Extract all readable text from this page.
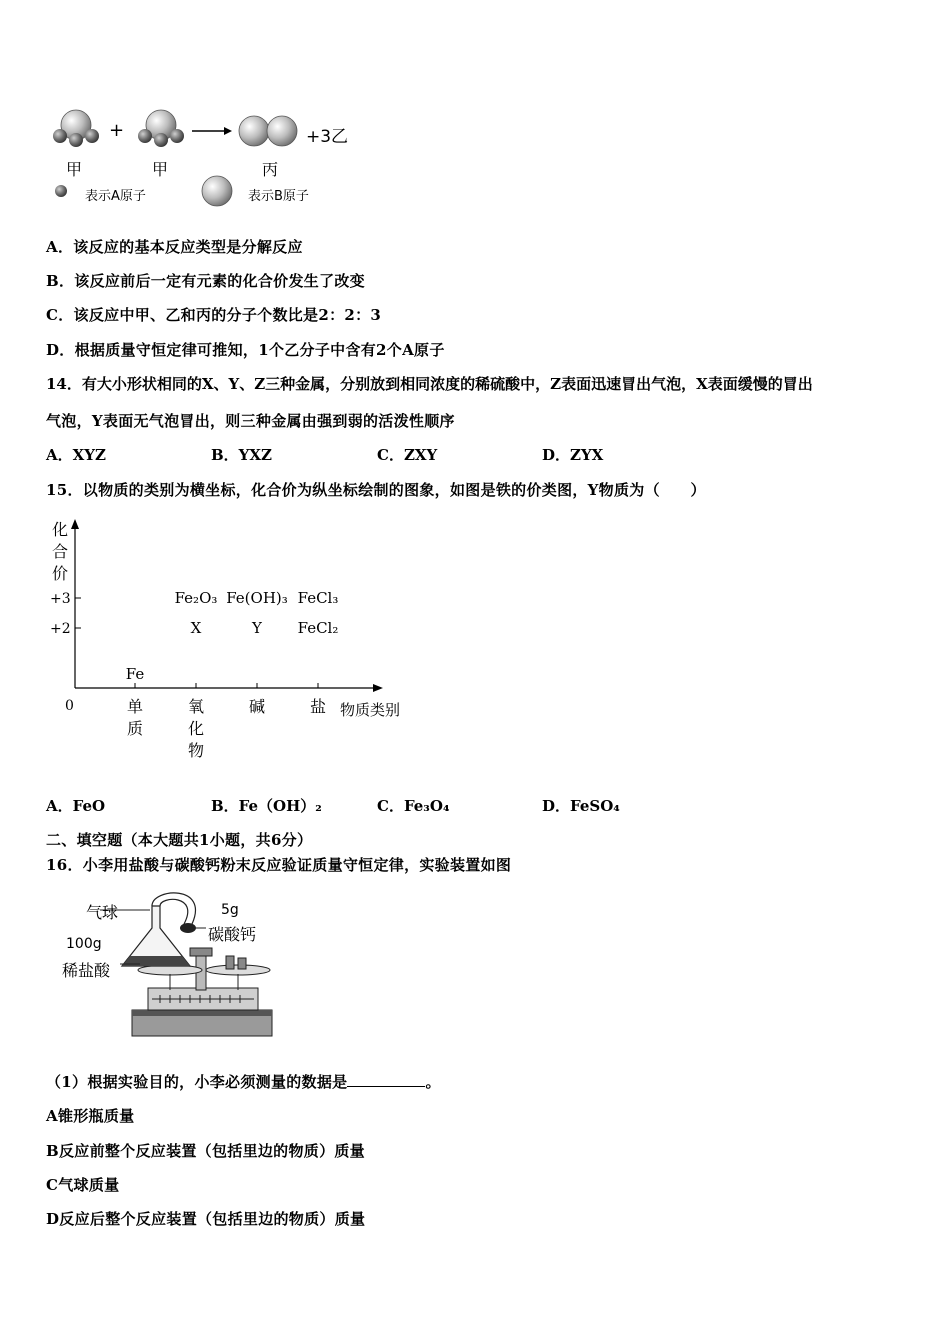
+	+3乙
甲	甲	丙
表示A原子	表示B原子
A．该反应的基本反应类型是分解反应
B．该反应前后一定有元素的化合价发生了改变
C．该反应中甲、乙和丙的分子个数比是2：2：3
D．根据质量守恒定律可推知，1个乙分子中含有2个A原子
14．有大小形状相同的X、Y、Z三种金属，分别放到相同浓度的稀硫酸中，Z表面迅速冒出气泡，X表面缓慢的冒出
气泡，Y表面无气泡冒出，则三种金属由强到弱的活泼性顺序
A．XYZ	B．YXZ	C．ZXY	D．ZYX
15．以物质的类别为横坐标，化合价为纵坐标绘制的图象，如图是铁的价类图，Y物质为（　　）
化
合
价
0
+3
+2
单
质
氧
化
物
碱	盐 物质类别
Fe
Fe₂O₃
X
Fe(OH)₃
Y
FeCl₃
FeCl₂
A．FeO	B．Fe（OH）₂	C．Fe₃O₄	D．FeSO₄
二、填空题（本大题共1小题，共6分）
16．小李用盐酸与碳酸钙粉末反应验证质量守恒定律，实验装置如图
气球	5g
碳酸钙
100g
稀盐酸
（1）根据实验目的，小李必须测量的数据是	。
A锥形瓶质量
B反应前整个反应装置（包括里边的物质）质量
C气球质量
D反应后整个反应装置（包括里边的物质）质量
